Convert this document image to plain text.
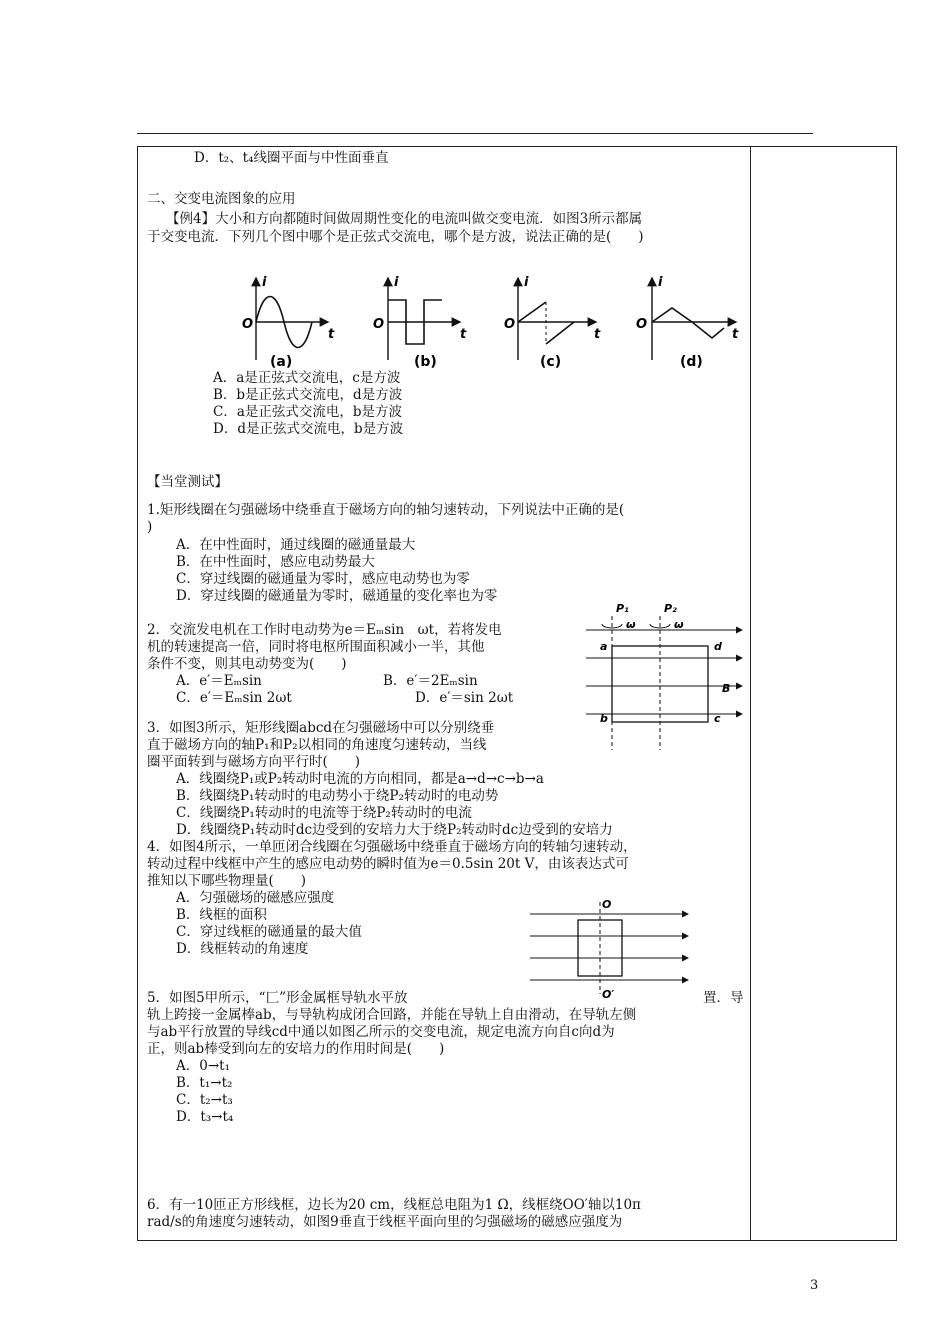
D．t₂、t₄线圈平面与中性面垂直
二、交变电流图象的应用
【例4】大小和方向都随时间做周期性变化的电流叫做交变电流．如图3所示都属
于交变电流．下列几个图中哪个是正弦式交流电，哪个是方波，说法正确的是(　　)
O
i
t
(a)
O
i
t
(b)
O
i
t
(c)
O
i
t
(d)
A．a是正弦式交流电，c是方波
B．b是正弦式交流电，d是方波
C．a是正弦式交流电，b是方波
D．d是正弦式交流电，b是方波
【当堂测试】
1.矩形线圈在匀强磁场中绕垂直于磁场方向的轴匀速转动，下列说法中正确的是(
)
A．在中性面时，通过线圈的磁通量最大
B．在中性面时，感应电动势最大
C．穿过线圈的磁通量为零时，感应电动势也为零
D．穿过线圈的磁通量为零时，磁通量的变化率也为零
2．交流发电机在工作时电动势为e＝Eₘsin　ωt，若将发电
机的转速提高一倍，同时将电枢所围面积减小一半，其他
条件不变，则其电动势变为(　　)
A．e′＝Eₘsin	B．e′＝2Eₘsin
C．e′＝Eₘsin 2ωt	D．e′＝sin 2ωt
P₁	P₂
ω	ω
a	d
b	c
B
3．如图3所示，矩形线圈abcd在匀强磁场中可以分别绕垂
直于磁场方向的轴P₁和P₂以相同的角速度匀速转动，当线
圈平面转到与磁场方向平行时(　　)
A．线圈绕P₁或P₂转动时电流的方向相同，都是a→d→c→b→a
B．线圈绕P₁转动时的电动势小于绕P₂转动时的电动势
C．线圈绕P₁转动时的电流等于绕P₂转动时的电流
D．线圈绕P₁转动时dc边受到的安培力大于绕P₂转动时dc边受到的安培力
4．如图4所示，一单匝闭合线圈在匀强磁场中绕垂直于磁场方向的转轴匀速转动，
转动过程中线框中产生的感应电动势的瞬时值为e＝0.5sin 20t V，由该表达式可
推知以下哪些物理量(　　)
A．匀强磁场的磁感应强度
B．线框的面积
C．穿过线框的磁通量的最大值
D．线框转动的角速度
O
O′
5．如图5甲所示，“匚”形金属框导轨水平放	置．导
轨上跨接一金属棒ab，与导轨构成闭合回路，并能在导轨上自由滑动，在导轨左侧
与ab平行放置的导线cd中通以如图乙所示的交变电流，规定电流方向自c向d为
正，则ab棒受到向左的安培力的作用时间是(　　)
A．0→t₁
B．t₁→t₂
C．t₂→t₃
D．t₃→t₄
6．有一10匝正方形线框，边长为20 cm，线框总电阻为1 Ω，线框绕OO′轴以10π
rad/s的角速度匀速转动，如图9垂直于线框平面向里的匀强磁场的磁感应强度为
3
